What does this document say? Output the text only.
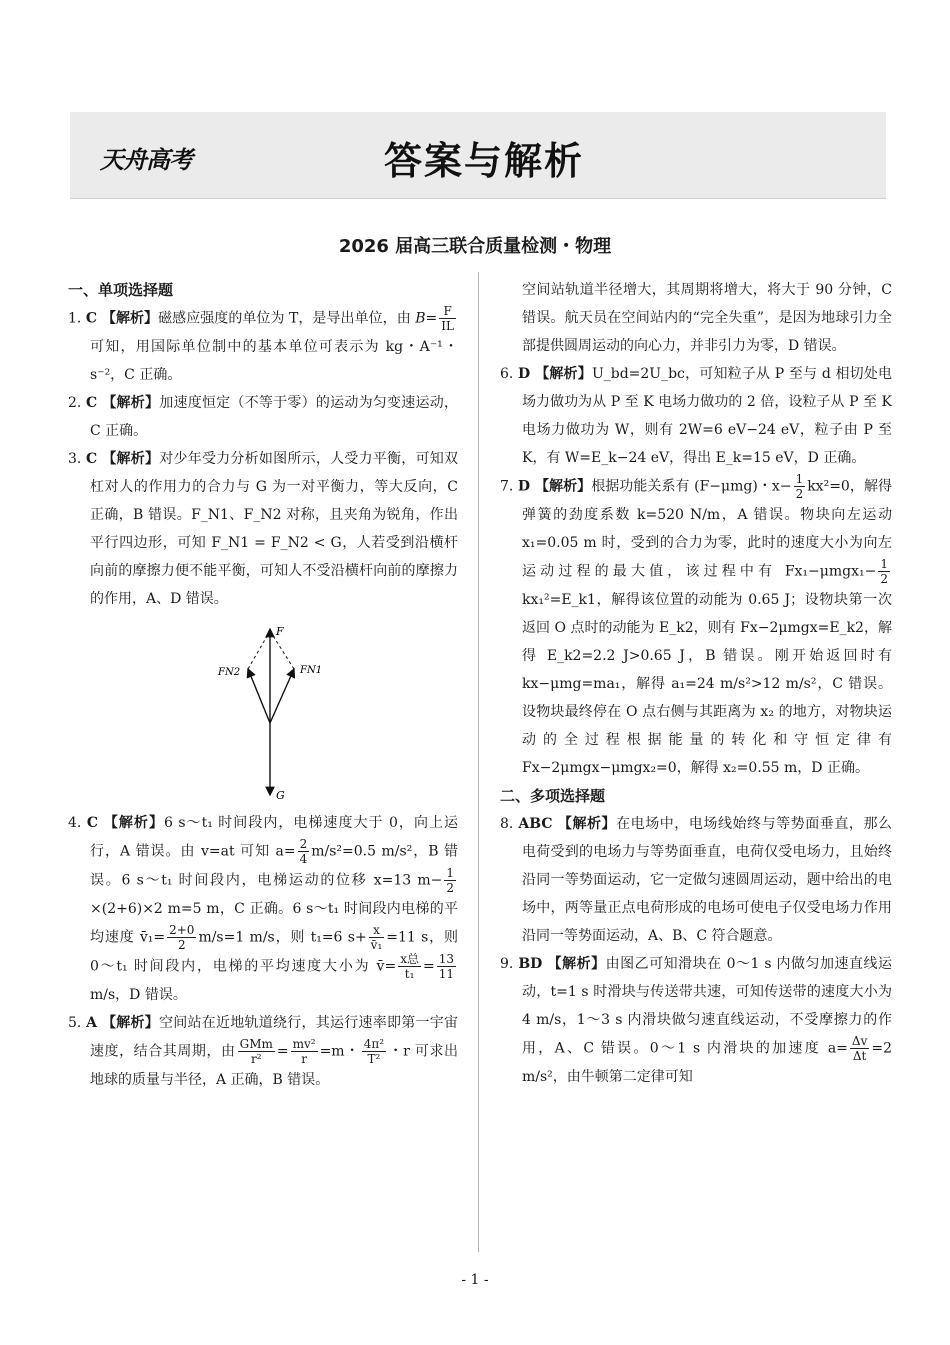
天舟高考	答案与解析
2026 届高三联合质量检测・物理
一、单项选择题

1. C 【解析】磁感应强度的单位为 T，是导出单位，由 $B= \frac{F}{IL}$
可知，用国际单位制中的基本单位可表示为 kg・A⁻¹・s⁻²，C 正确。

2. C 【解析】加速度恒定（不等于零）的运动为匀变速运动，C 正确。

3. C 【解析】对少年受力分析如图所示，人受力平衡，可知双杠对人的作用力的合力与 G 为一对平衡力，等大反向，C 正确，B 错误。F_N1、F_N2 对称，且夹角为锐角，作出平行四边形，可知 F_N1 = F_N2 < G，人若受到沿横杆向前的摩擦力便不能平衡，可知人不受沿横杆向前的摩擦力的作用，A、D 错误。

F
FN1
FN2
G

4. C 【解析】6 s～t₁ 时间段内，电梯速度大于 0，向上运行，A 错误。由 v=at 可知 $a= \frac{2}{4} m/s^2=0.5$ m/s²，B 错误。6 s～t₁ 时间段内，电梯运动的位移 x=13 $m- \frac{1}{2}$
×(2+6)×2 m=5 m，C 正确。6 s～t₁ 时间段内电梯的平均速度 v̄₁= $\frac{2+0}{2} m/s=1$ m/s，则 t₁=6 $s+ \frac{x}{\text{v̄₁}} =11$ s，则 0～t₁ 时间段内，电梯的平均速度大小为 v̄= $\frac{\text{x总}}{\text{t₁}} = \frac{13}{11}$
m/s，D 错误。

5. A 【解析】空间站在近地轨道绕行，其运行速率即第一宇宙速度，结合其周期，由 $\frac{\text{GMm}}{\text{r²}} = \frac{\text{mv²}}{r} =m$・ $\frac{\text{4π²}}{\text{T²}}$ ・r 可求出地球的质量与半径，A 正确，B 错误。

空间站轨道半径增大，其周期将增大，将大于 90 分钟，C 错误。航天员在空间站内的“完全失重”，是因为地球引力全部提供圆周运动的向心力，并非引力为零，D 错误。

6. D 【解析】U_bd=2U_bc，可知粒子从 P 至与 d 相切处电场力做功为从 P 至 K 电场力做功的 2 倍，设粒子从 P 至 K 电场力做功为 W，则有 2W=6 eV−24 eV，粒子由 P 至 K，有 W=E_k−24 eV，得出 E_k=15 eV，D 正确。

7. D 【解析】根据功能关系有 (F−μmg)・$x- \frac{1}{2} kx^2=0$，解得弹簧的劲度系数 k=520 N/m，A 错误。物块向左运动 x₁=0.05 m 时，受到的合力为零，此时的速度大小为向左运动过程的最大值，该过程中有 $Fx_1-\mu mgx_1- \frac{1}{2}$
kx₁²=E_k1，解得该位置的动能为 0.65 J；设物块第一次返回 O 点时的动能为 E_k2，则有 Fx−2μmgx=E_k2，解得 E_k2=2.2 J>0.65 J，B 错误。刚开始返回时有 kx−μmg=ma₁，解得 a₁=24 m/s²>12 m/s²，C 错误。设物块最终停在 O 点右侧与其距离为 x₂ 的地方，对物块运动的全过程根据能量的转化和守恒定律有 Fx−2μmgx−μmgx₂=0，解得 x₂=0.55 m，D 正确。

二、多项选择题

8. ABC 【解析】在电场中，电场线始终与等势面垂直，那么电荷受到的电场力与等势面垂直，电荷仅受电场力，且始终沿同一等势面运动，它一定做匀速圆周运动，题中给出的电场中，两等量正点电荷形成的电场可使电子仅受电场力作用沿同一等势面运动，A、B、C 符合题意。

9. BD 【解析】由图乙可知滑块在 0～1 s 内做匀加速直线运动，t=1 s 时滑块与传送带共速，可知传送带的速度大小为 4 m/s，1～3 s 内滑块做匀速直线运动，不受摩擦力的作用，A、C 错误。0～1 s 内滑块的加速度 $a= \frac{\Delta v}{\Delta t} =2$ m/s²，由牛顿第二定律可知

- 1 -
